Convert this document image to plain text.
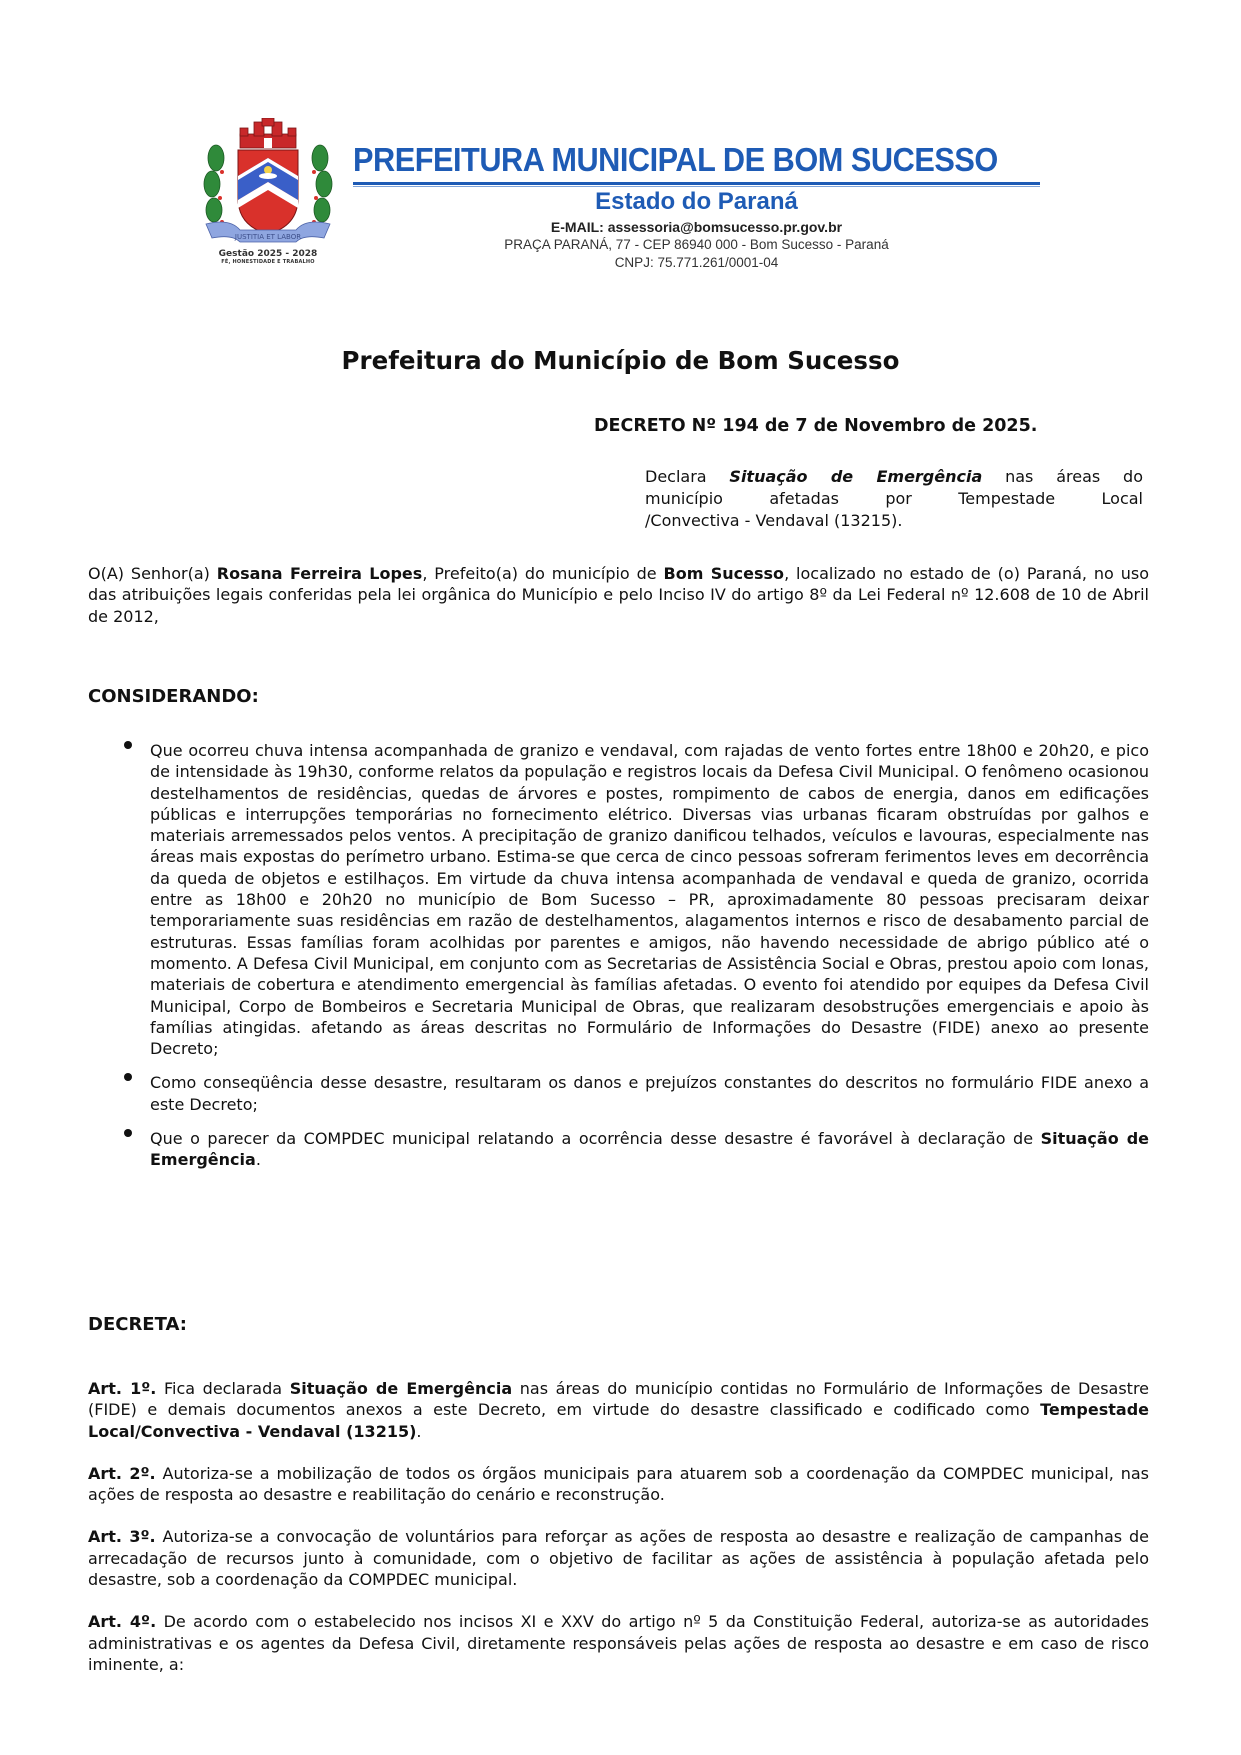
JUSTITIA ET LABOR
Gestão 2025 - 2028
FÉ, HONESTIDADE E TRABALHO
PREFEITURA MUNICIPAL DE BOM SUCESSO
Estado do Paraná
E-MAIL: assessoria@bomsucesso.pr.gov.br
PRAÇA PARANÁ, 77 - CEP 86940 000 - Bom Sucesso - Paraná
CNPJ: 75.771.261/0001-04
Prefeitura do Município de Bom Sucesso
DECRETO Nº 194 de 7 de Novembro de 2025.
Declara Situação de Emergência nas áreas do
município afetadas por Tempestade Local
/Convectiva - Vendaval (13215).
O(A) Senhor(a) Rosana Ferreira Lopes, Prefeito(a) do município de Bom Sucesso, localizado no estado de (o) Paraná, no uso das atribuições legais conferidas pela lei orgânica do Município e pelo Inciso IV do artigo 8º da Lei Federal nº 12.608 de 10 de Abril de 2012,
CONSIDERANDO:
Que ocorreu chuva intensa acompanhada de granizo e vendaval, com rajadas de vento fortes entre 18h00 e 20h20, e pico de intensidade às 19h30, conforme relatos da população e registros locais da Defesa Civil Municipal. O fenômeno ocasionou destelhamentos de residências, quedas de árvores e postes, rompimento de cabos de energia, danos em edificações públicas e interrupções temporárias no fornecimento elétrico. Diversas vias urbanas ficaram obstruídas por galhos e materiais arremessados pelos ventos. A precipitação de granizo danificou telhados, veículos e lavouras, especialmente nas áreas mais expostas do perímetro urbano. Estima-se que cerca de cinco pessoas sofreram ferimentos leves em decorrência da queda de objetos e estilhaços. Em virtude da chuva intensa acompanhada de vendaval e queda de granizo, ocorrida entre as 18h00 e 20h20 no município de Bom Sucesso – PR, aproximadamente 80 pessoas precisaram deixar temporariamente suas residências em razão de destelhamentos, alagamentos internos e risco de desabamento parcial de estruturas. Essas famílias foram acolhidas por parentes e amigos, não havendo necessidade de abrigo público até o momento. A Defesa Civil Municipal, em conjunto com as Secretarias de Assistência Social e Obras, prestou apoio com lonas, materiais de cobertura e atendimento emergencial às famílias afetadas. O evento foi atendido por equipes da Defesa Civil Municipal, Corpo de Bombeiros e Secretaria Municipal de Obras, que realizaram desobstruções emergenciais e apoio às famílias atingidas. afetando as áreas descritas no Formulário de Informações do Desastre (FIDE) anexo ao presente Decreto;
Como conseqüência desse desastre, resultaram os danos e prejuízos constantes do descritos no formulário FIDE anexo a este Decreto;
Que o parecer da COMPDEC municipal relatando a ocorrência desse desastre é favorável à declaração de Situação de Emergência.
DECRETA:
Art. 1º. Fica declarada Situação de Emergência nas áreas do município contidas no Formulário de Informações de Desastre (FIDE) e demais documentos anexos a este Decreto, em virtude do desastre classificado e codificado como Tempestade Local/Convectiva - Vendaval (13215).
Art. 2º. Autoriza-se a mobilização de todos os órgãos municipais para atuarem sob a coordenação da COMPDEC municipal, nas ações de resposta ao desastre e reabilitação do cenário e reconstrução.
Art. 3º. Autoriza-se a convocação de voluntários para reforçar as ações de resposta ao desastre e realização de campanhas de arrecadação de recursos junto à comunidade, com o objetivo de facilitar as ações de assistência à população afetada pelo desastre, sob a coordenação da COMPDEC municipal.
Art. 4º. De acordo com o estabelecido nos incisos XI e XXV do artigo nº 5 da Constituição Federal, autoriza-se as autoridades administrativas e os agentes da Defesa Civil, diretamente responsáveis pelas ações de resposta ao desastre e em caso de risco iminente, a:
